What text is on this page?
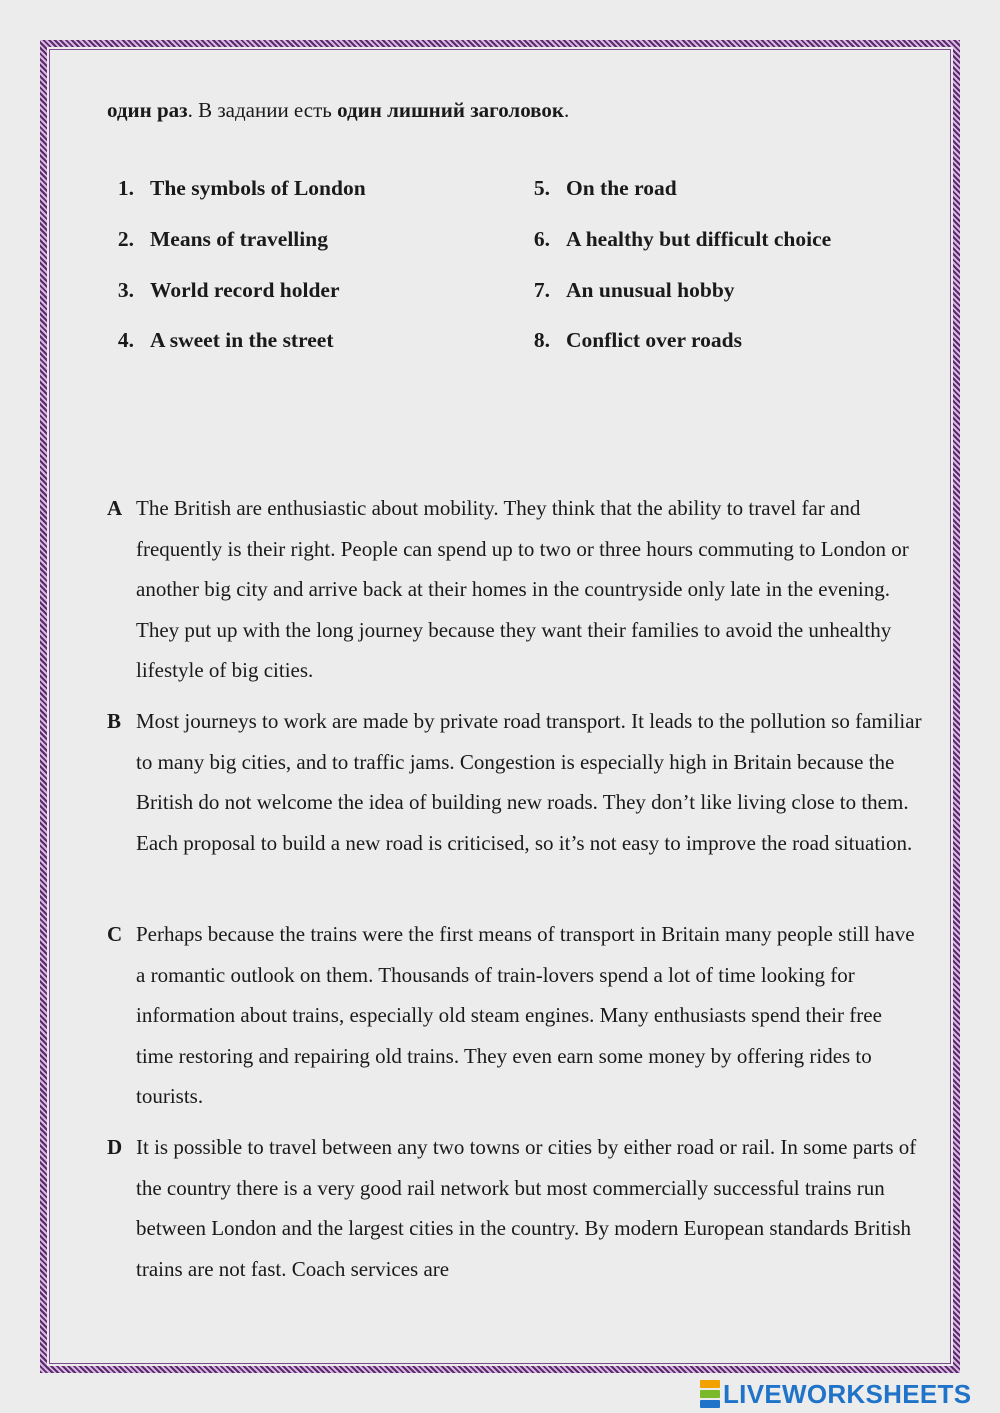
один раз. В задании есть один лишний заголовок.

1. The symbols of London
2. Means of travelling
3. World record holder
4. A sweet in the street
5. On the road
6. A healthy but difficult choice
7. An unusual hobby
8. Conflict over roads
A The British are enthusiastic about mobility. They think that the ability to travel far and frequently is their right. People can spend up to two or three hours commuting to London or another big city and arrive back at their homes in the countryside only late in the evening. They put up with the long journey because they want their families to avoid the unhealthy lifestyle of big cities.
B Most journeys to work are made by private road transport. It leads to the pollution so familiar to many big cities, and to traffic jams. Congestion is especially high in Britain because the British do not welcome the idea of building new roads. They don’t like living close to them. Each proposal to build a new road is criticised, so it’s not easy to improve the road situation.
C Perhaps because the trains were the first means of transport in Britain many people still have a romantic outlook on them. Thousands of train-lovers spend a lot of time looking for information about trains, especially old steam engines. Many enthusiasts spend their free time restoring and repairing old trains. They even earn some money by offering rides to tourists.
D It is possible to travel between any two towns or cities by either road or rail. In some parts of the country there is a very good rail network but most commercially successful trains run between London and the largest cities in the country. By modern European standards British trains are not fast. Coach services are
LIVEWORKSHEETS
